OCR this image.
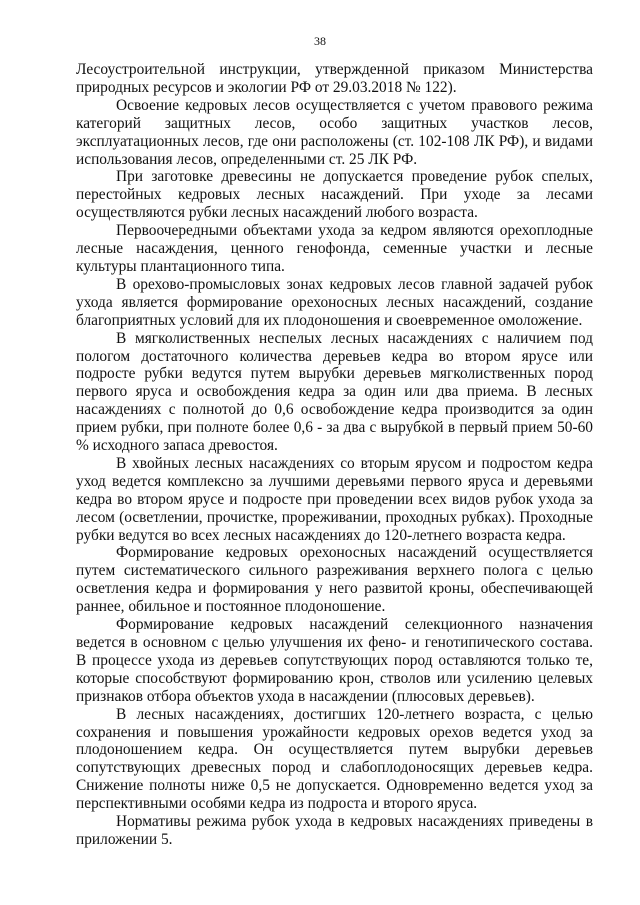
38

Лесоустроительной инструкции, утвержденной приказом Министерства природных ресурсов и экологии РФ от 29.03.2018 № 122).

Освоение кедровых лесов осуществляется с учетом правового режима категорий защитных лесов, особо защитных участков лесов, эксплуатационных лесов, где они расположены (ст. 102-108 ЛК РФ), и видами использования лесов, определенными ст. 25 ЛК РФ.

При заготовке древесины не допускается проведение рубок спелых, перестойных кедровых лесных насаждений. При уходе за лесами осуществляются рубки лесных насаждений любого возраста.

Первоочередными объектами ухода за кедром являются орехоплодные лесные насаждения, ценного генофонда, семенные участки и лесные культуры плантационного типа.

В орехово-промысловых зонах кедровых лесов главной задачей рубок ухода является формирование орехоносных лесных насаждений, создание благоприятных условий для их плодоношения и своевременное омоложение.

В мягколиственных неспелых лесных насаждениях с наличием под пологом достаточного количества деревьев кедра во втором ярусе или подросте рубки ведутся путем вырубки деревьев мягколиственных пород первого яруса и освобождения кедра за один или два приема. В лесных насаждениях с полнотой до 0,6 освобождение кедра производится за один прием рубки, при полноте более 0,6 - за два с вырубкой в первый прием 50-60 % исходного запаса древостоя.

В хвойных лесных насаждениях со вторым ярусом и подростом кедра уход ведется комплексно за лучшими деревьями первого яруса и деревьями кедра во втором ярусе и подросте при проведении всех видов рубок ухода за лесом (осветлении, прочистке, прореживании, проходных рубках). Проходные рубки ведутся во всех лесных насаждениях до 120-летнего возраста кедра.

Формирование кедровых орехоносных насаждений осуществляется путем систематического сильного разреживания верхнего полога с целью осветления кедра и формирования у него развитой кроны, обеспечивающей раннее, обильное и постоянное плодоношение.

Формирование кедровых насаждений селекционного назначения ведется в основном с целью улучшения их фено- и генотипического состава. В процессе ухода из деревьев сопутствующих пород оставляются только те, которые способствуют формированию крон, стволов или усилению целевых признаков отбора объектов ухода в насаждении (плюсовых деревьев).

В лесных насаждениях, достигших 120-летнего возраста, с целью сохранения и повышения урожайности кедровых орехов ведется уход за плодоношением кедра. Он осуществляется путем вырубки деревьев сопутствующих древесных пород и слабоплодоносящих деревьев кедра. Снижение полноты ниже 0,5 не допускается. Одновременно ведется уход за перспективными особями кедра из подроста и второго яруса.

Нормативы режима рубок ухода в кедровых насаждениях приведены в приложении 5.
